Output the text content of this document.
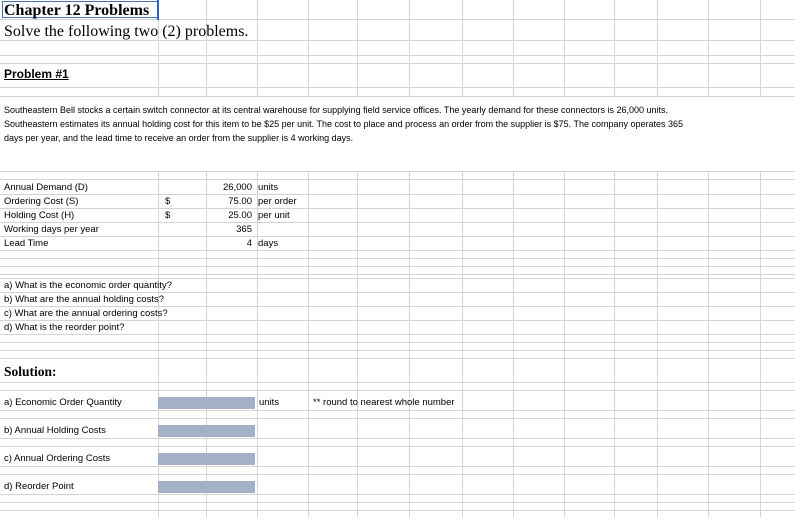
Chapter 12 Problems
Solve the following two (2) problems.
Problem #1
Southeastern Bell stocks a certain switch connector at its central warehouse for supplying field service offices. The yearly demand for these connectors is 26,000 units. Southeastern estimates its annual holding cost for this item to be $25 per unit. The cost to place and process an order from the supplier is $75. The company operates 365 days per year, and the lead time to receive an order from the supplier is 4 working days.
Annual Demand (D)	26,000 units
Ordering Cost (S)	$	75.00 per order
Holding Cost (H)	$	25.00 per unit
Working days per year	365
Lead Time	4 days
a) What is the economic order quantity?
b) What are the annual holding costs?
c) What are the annual ordering costs?
d) What is the reorder point?
Solution:
a) Economic Order Quantity	units	** round to nearest whole number
b) Annual Holding Costs
c) Annual Ordering Costs
d) Reorder Point
